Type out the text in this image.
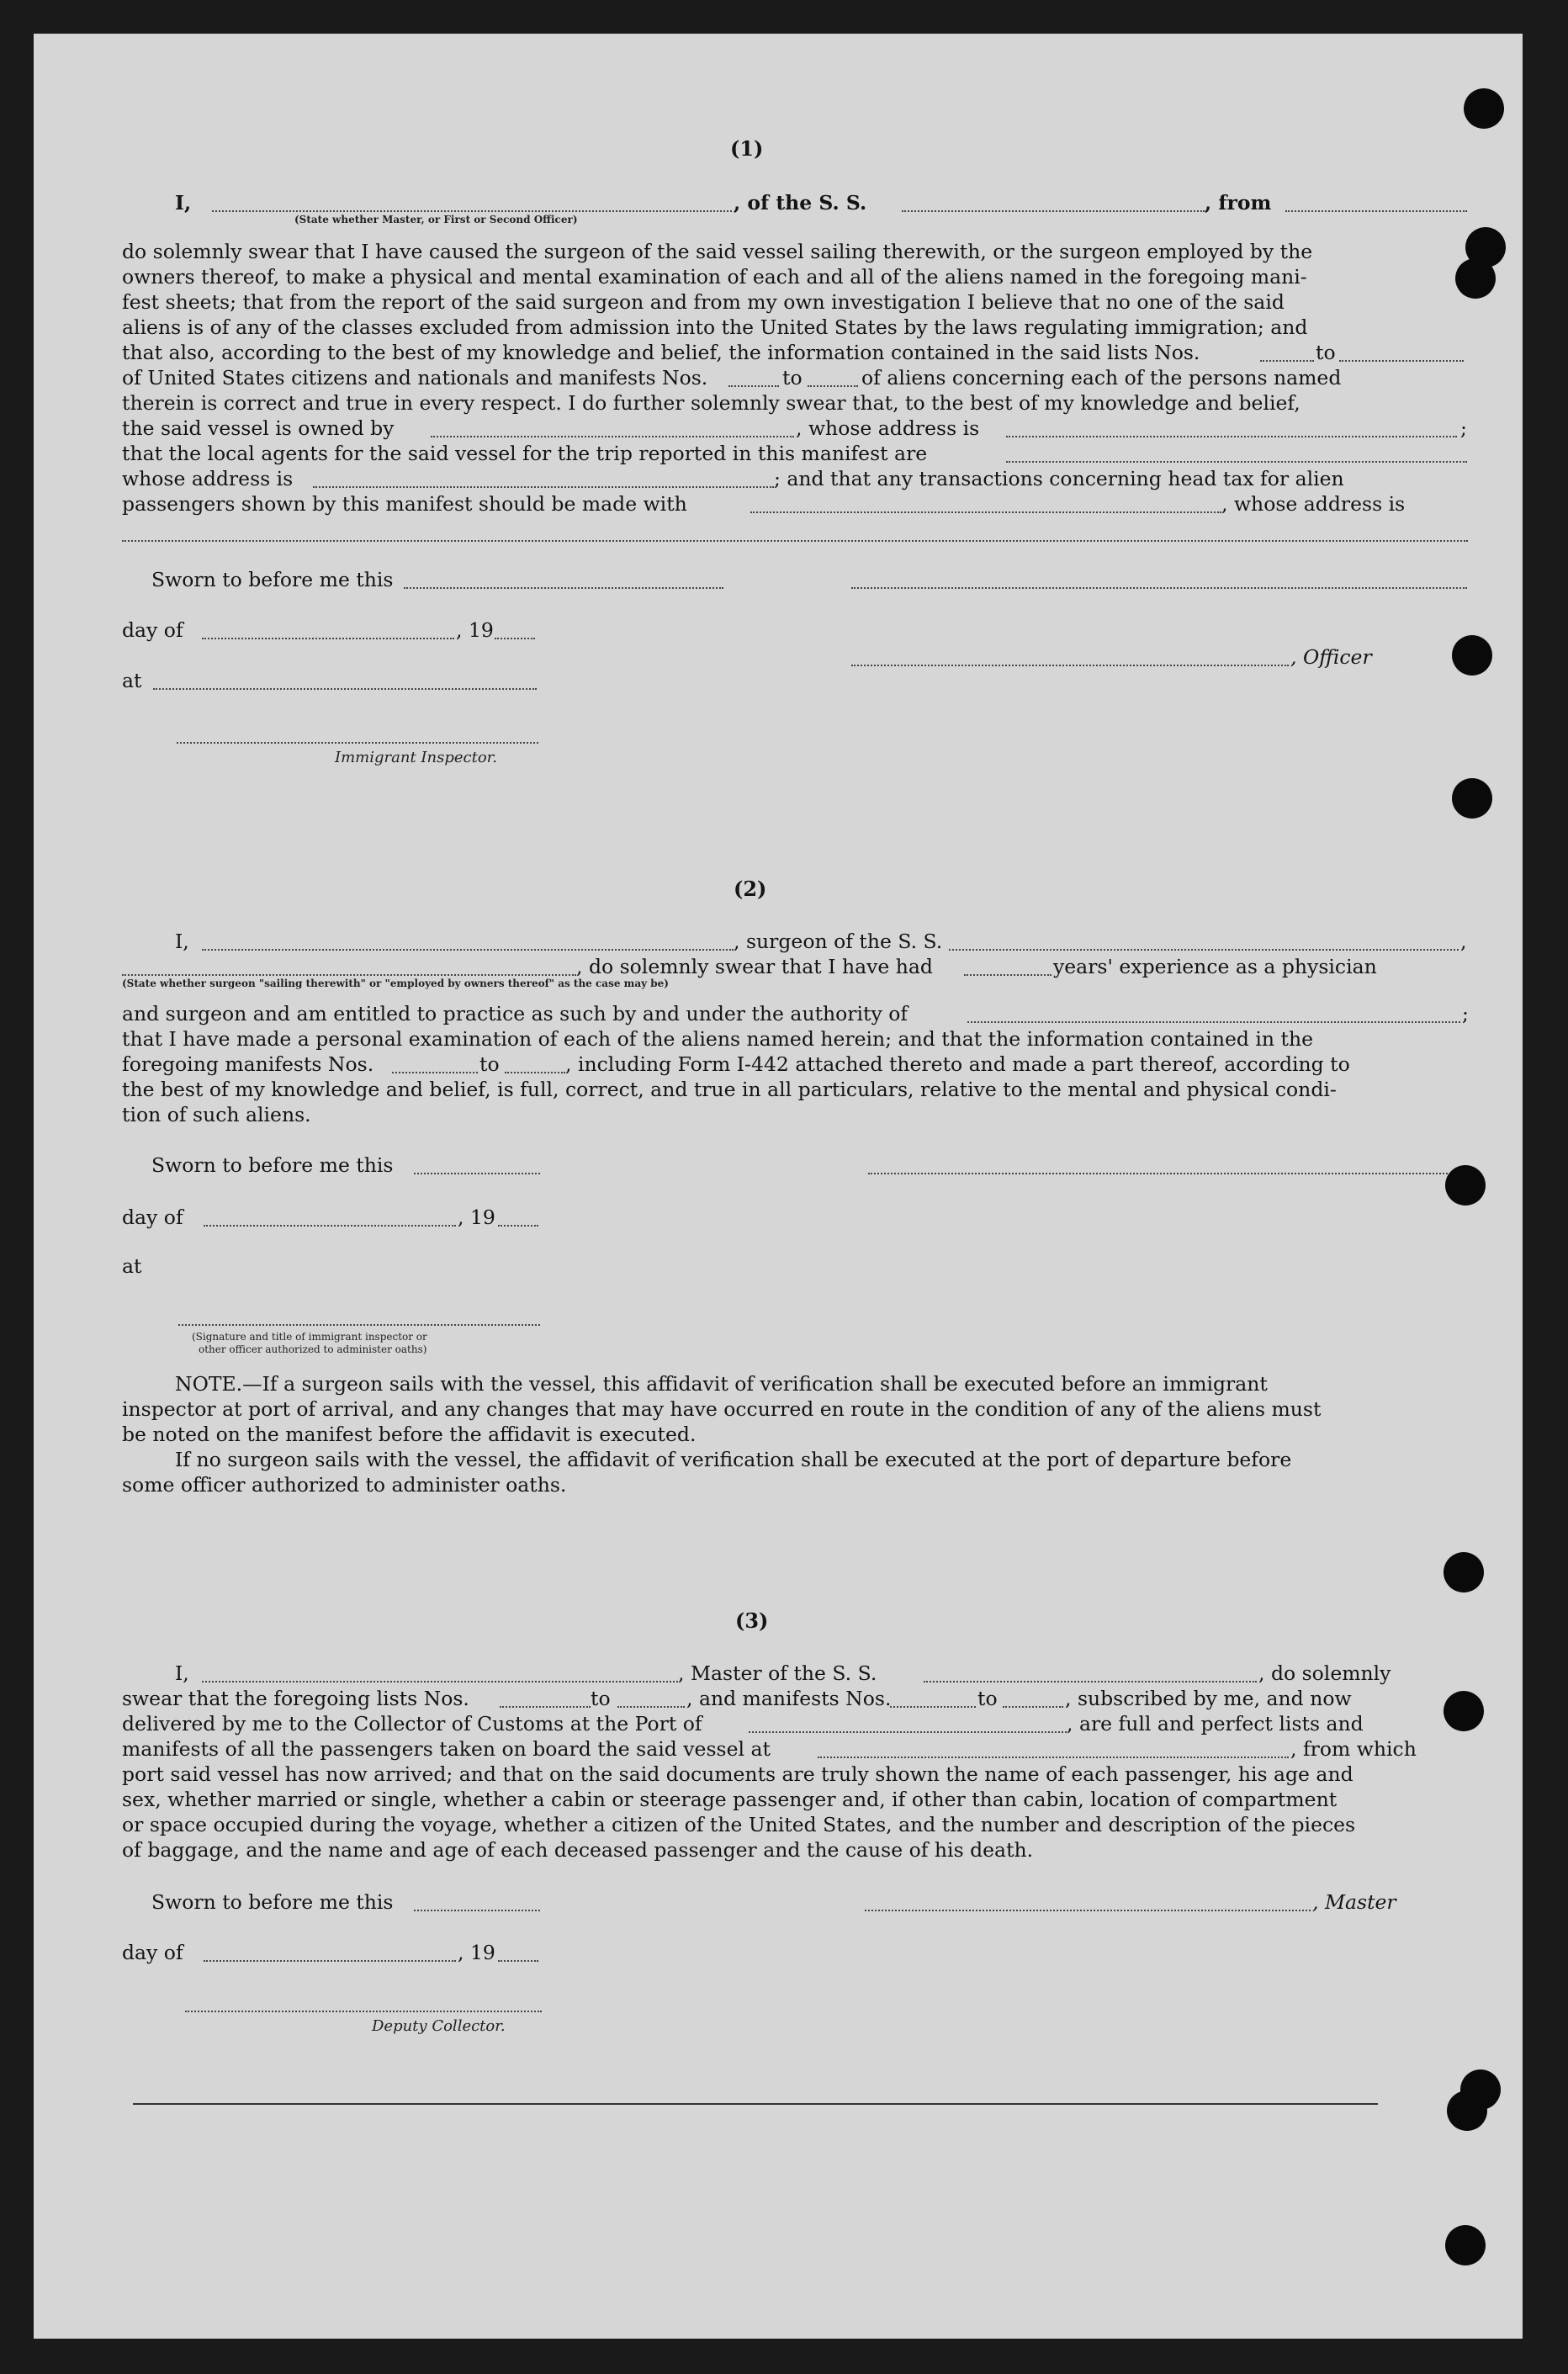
(1)
I,	, of the S. S.	, from
(State whether Master, or First or Second Officer)
do solemnly swear that I have caused the surgeon of the said vessel sailing therewith, or the surgeon employed by the
owners thereof, to make a physical and mental examination of each and all of the aliens named in the foregoing mani-
fest sheets; that from the report of the said surgeon and from my own investigation I believe that no one of the said
aliens is of any of the classes excluded from admission into the United States by the laws regulating immigration; and
that also, according to the best of my knowledge and belief, the information contained in the said lists Nos.	to
of United States citizens and nationals and manifests Nos.	to	of aliens concerning each of the persons named
therein is correct and true in every respect. I do further solemnly swear that, to the best of my knowledge and belief,
the said vessel is owned by	, whose address is	;
that the local agents for the said vessel for the trip reported in this manifest are
whose address is	; and that any transactions concerning head tax for alien
passengers shown by this manifest should be made with	, whose address is
Sworn to before me this
day of	, 19
, Officer
at
Immigrant Inspector.
(2)
I,	, surgeon of the S. S.	,
, do solemnly swear that I have had	years' experience as a physician
(State whether surgeon "sailing therewith" or "employed by owners thereof" as the case may be)
and surgeon and am entitled to practice as such by and under the authority of	;
that I have made a personal examination of each of the aliens named herein; and that the information contained in the
foregoing manifests Nos.	to	, including Form I-442 attached thereto and made a part thereof, according to
the best of my knowledge and belief, is full, correct, and true in all particulars, relative to the mental and physical condi-
tion of such aliens.
Sworn to before me this
day of	, 19
at
(Signature and title of immigrant inspector or
other officer authorized to administer oaths)
NOTE.—If a surgeon sails with the vessel, this affidavit of verification shall be executed before an immigrant
inspector at port of arrival, and any changes that may have occurred en route in the condition of any of the aliens must
be noted on the manifest before the affidavit is executed.
If no surgeon sails with the vessel, the affidavit of verification shall be executed at the port of departure before
some officer authorized to administer oaths.
(3)
I,	, Master of the S. S.	, do solemnly
swear that the foregoing lists Nos.	to	, and manifests Nos.	to	, subscribed by me, and now
delivered by me to the Collector of Customs at the Port of	, are full and perfect lists and
manifests of all the passengers taken on board the said vessel at	, from which
port said vessel has now arrived; and that on the said documents are truly shown the name of each passenger, his age and
sex, whether married or single, whether a cabin or steerage passenger and, if other than cabin, location of compartment
or space occupied during the voyage, whether a citizen of the United States, and the number and description of the pieces
of baggage, and the name and age of each deceased passenger and the cause of his death.
Sworn to before me this	, Master
day of	, 19
Deputy Collector.
